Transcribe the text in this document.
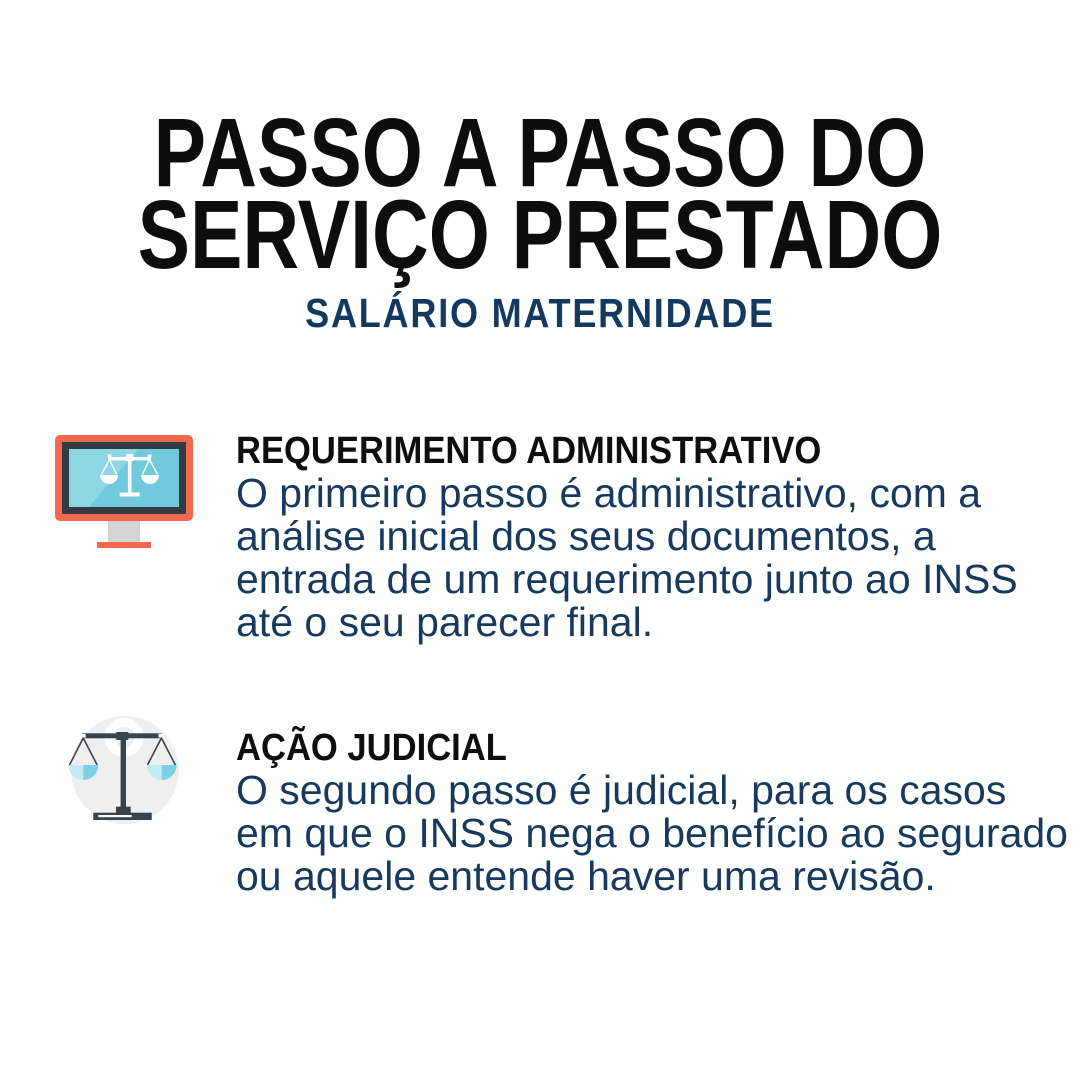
PASSO A PASSO DO
SERVIÇO PRESTADO
SALÁRIO MATERNIDADE
REQUERIMENTO ADMINISTRATIVO
O primeiro passo é administrativo, com a
análise inicial dos seus documentos, a
entrada de um requerimento junto ao INSS
até o seu parecer final.
AÇÃO JUDICIAL
O segundo passo é judicial, para os casos
em que o INSS nega o benefício ao segurado
ou aquele entende haver uma revisão.
